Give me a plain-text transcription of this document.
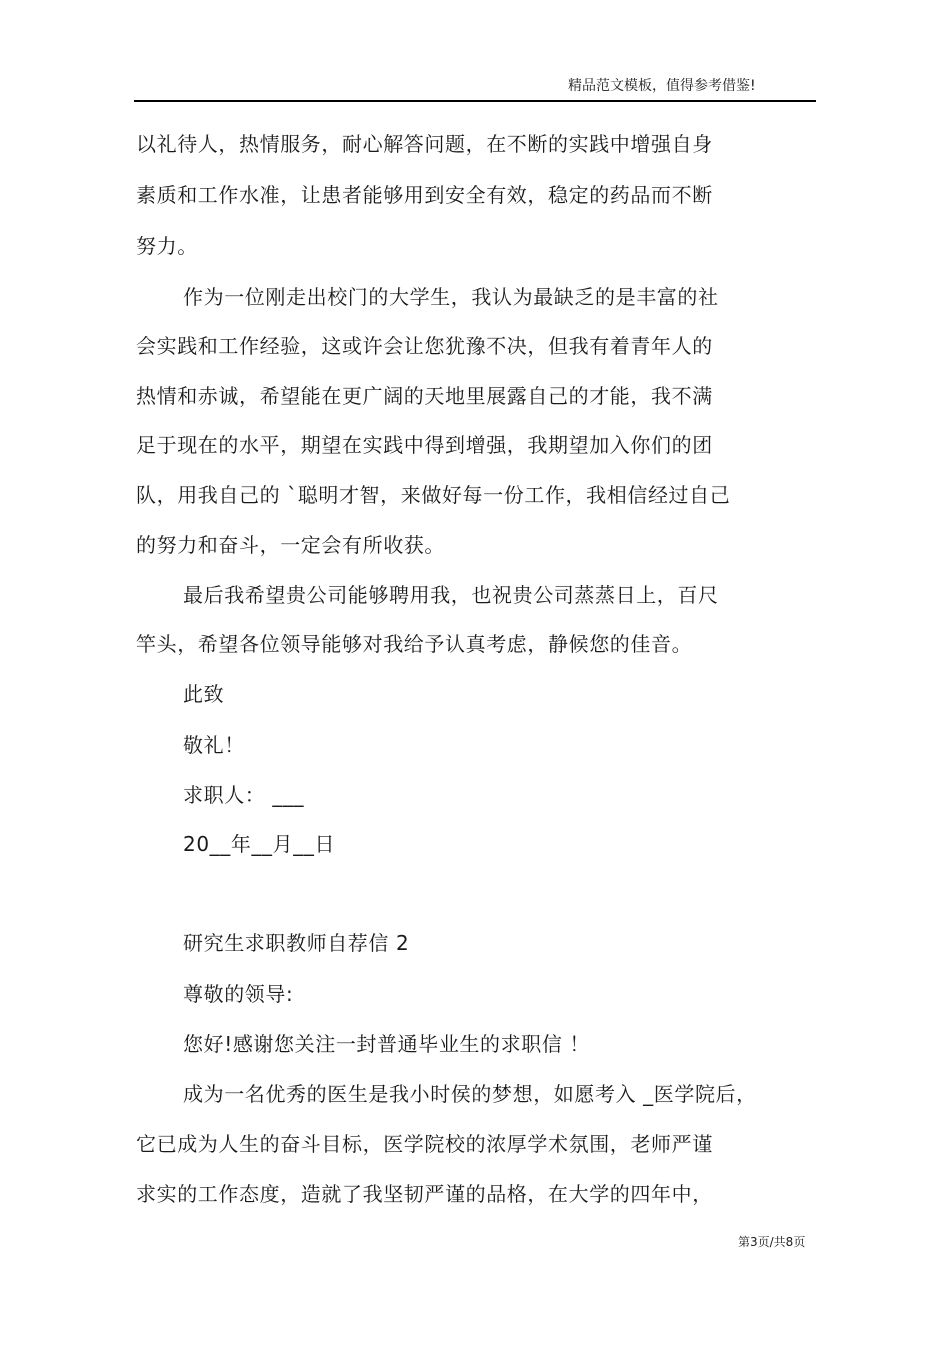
精品范文模板，值得参考借鉴!
以礼待人，热情服务，耐心解答问题，在不断的实践中增强自身
素质和工作水准，让患者能够用到安全有效，稳定的药品而不断
努力。
作为一位刚走出校门的大学生，我认为最缺乏的是丰富的社
会实践和工作经验，这或许会让您犹豫不决，但我有着青年人的
热情和赤诚，希望能在更广阔的天地里展露自己的才能，我不满
足于现在的水平，期望在实践中得到增强，我期望加入你们的团
队，用我自己的 `聪明才智，来做好每一份工作，我相信经过自己
的努力和奋斗，一定会有所收获。
最后我希望贵公司能够聘用我，也祝贵公司蒸蒸日上，百尺
竿头，希望各位领导能够对我给予认真考虑，静候您的佳音。
此致
敬礼！
求职人： ___
20__年__月__日
研究生求职教师自荐信 2
尊敬的领导:
您好!感谢您关注一封普通毕业生的求职信 ！
成为一名优秀的医生是我小时侯的梦想，如愿考入 _医学院后，
它已成为人生的奋斗目标，医学院校的浓厚学术氛围，老师严谨
求实的工作态度，造就了我坚韧严谨的品格，在大学的四年中，
第3页/共8页
